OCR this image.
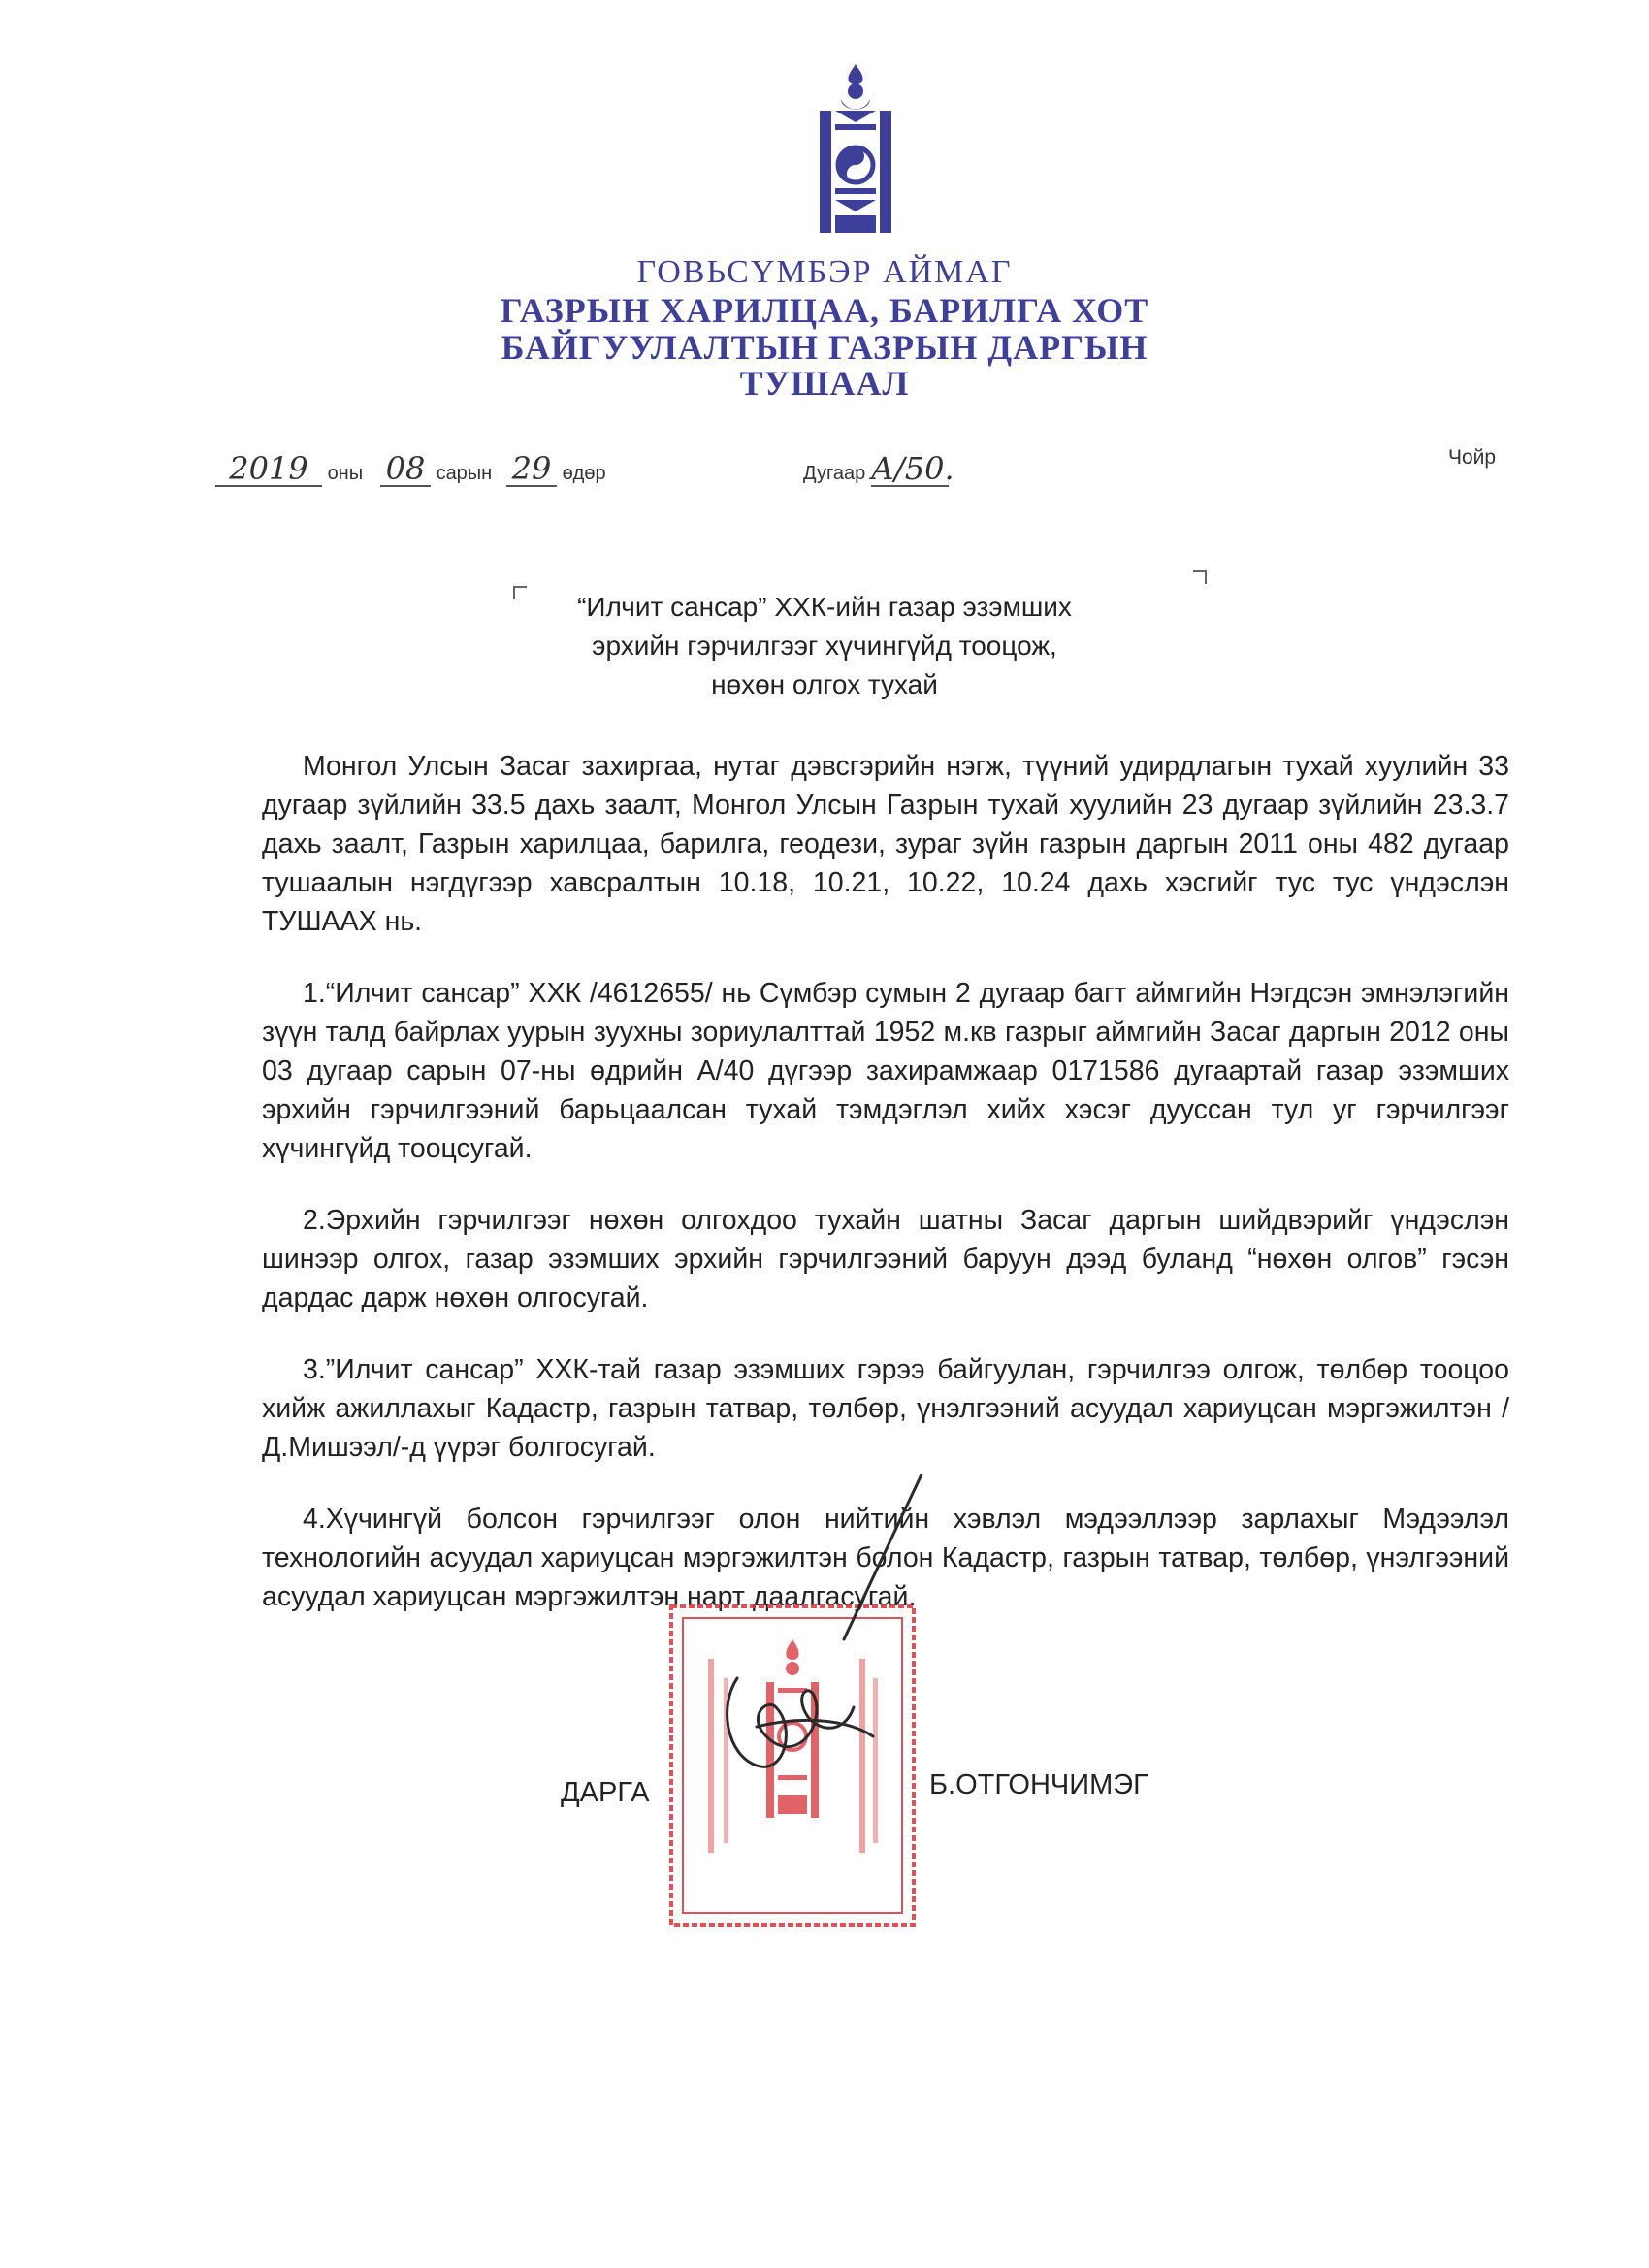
ГОВЬСҮМБЭР АЙМАГ
ГАЗРЫН ХАРИЛЦАА, БАРИЛГА ХОТ
БАЙГУУЛАЛТЫН ГАЗРЫН ДАРГЫН
ТУШААЛ
2019 оны 08 сарын 29 өдөр	Дугаар А/50.	Чойр
“Илчит сансар” ХХК-ийн газар эзэмших
эрхийн гэрчилгээг хүчингүйд тооцож,
нөхөн олгох тухай

Монгол Улсын Засаг захиргаа, нутаг дэвсгэрийн нэгж, түүний удирдлагын тухай хуулийн 33 дугаар зүйлийн 33.5 дахь заалт, Монгол Улсын Газрын тухай хуулийн 23 дугаар зүйлийн 23.3.7 дахь заалт, Газрын харилцаа, барилга, геодези, зураг зүйн газрын даргын 2011 оны 482 дугаар тушаалын нэгдүгээр хавсралтын 10.18, 10.21, 10.22, 10.24 дахь хэсгийг тус тус үндэслэн ТУШААХ нь.

1.“Илчит сансар” ХХК /4612655/ нь Сүмбэр сумын 2 дугаар багт аймгийн Нэгдсэн эмнэлэгийн зүүн талд байрлах уурын зуухны зориулалттай 1952 м.кв газрыг аймгийн Засаг даргын 2012 оны 03 дугаар сарын 07-ны өдрийн А/40 дүгээр захирамжаар 0171586 дугаартай газар эзэмших эрхийн гэрчилгээний барьцаалсан тухай тэмдэглэл хийх хэсэг дууссан тул уг гэрчилгээг хүчингүйд тооцсугай.

2.Эрхийн гэрчилгээг нөхөн олгохдоо тухайн шатны Засаг даргын шийдвэрийг үндэслэн шинээр олгох, газар эзэмших эрхийн гэрчилгээний баруун дээд буланд “нөхөн олгов” гэсэн дардас дарж нөхөн олгосугай.

3.”Илчит сансар” ХХК-тай газар эзэмших гэрээ байгуулан, гэрчилгээ олгож, төлбөр тооцоо хийж ажиллахыг Кадастр, газрын татвар, төлбөр, үнэлгээний асуудал хариуцсан мэргэжилтэн /Д.Мишээл/-д үүрэг болгосугай.

4.Хүчингүй болсон гэрчилгээг олон нийтийн хэвлэл мэдээллээр зарлахыг Мэдээлэл технологийн асуудал хариуцсан мэргэжилтэн болон Кадастр, газрын татвар, төлбөр, үнэлгээний асуудал хариуцсан мэргэжилтэн нарт даалгасугай.

ДАРГА	Б.ОТГОНЧИМЭГ
